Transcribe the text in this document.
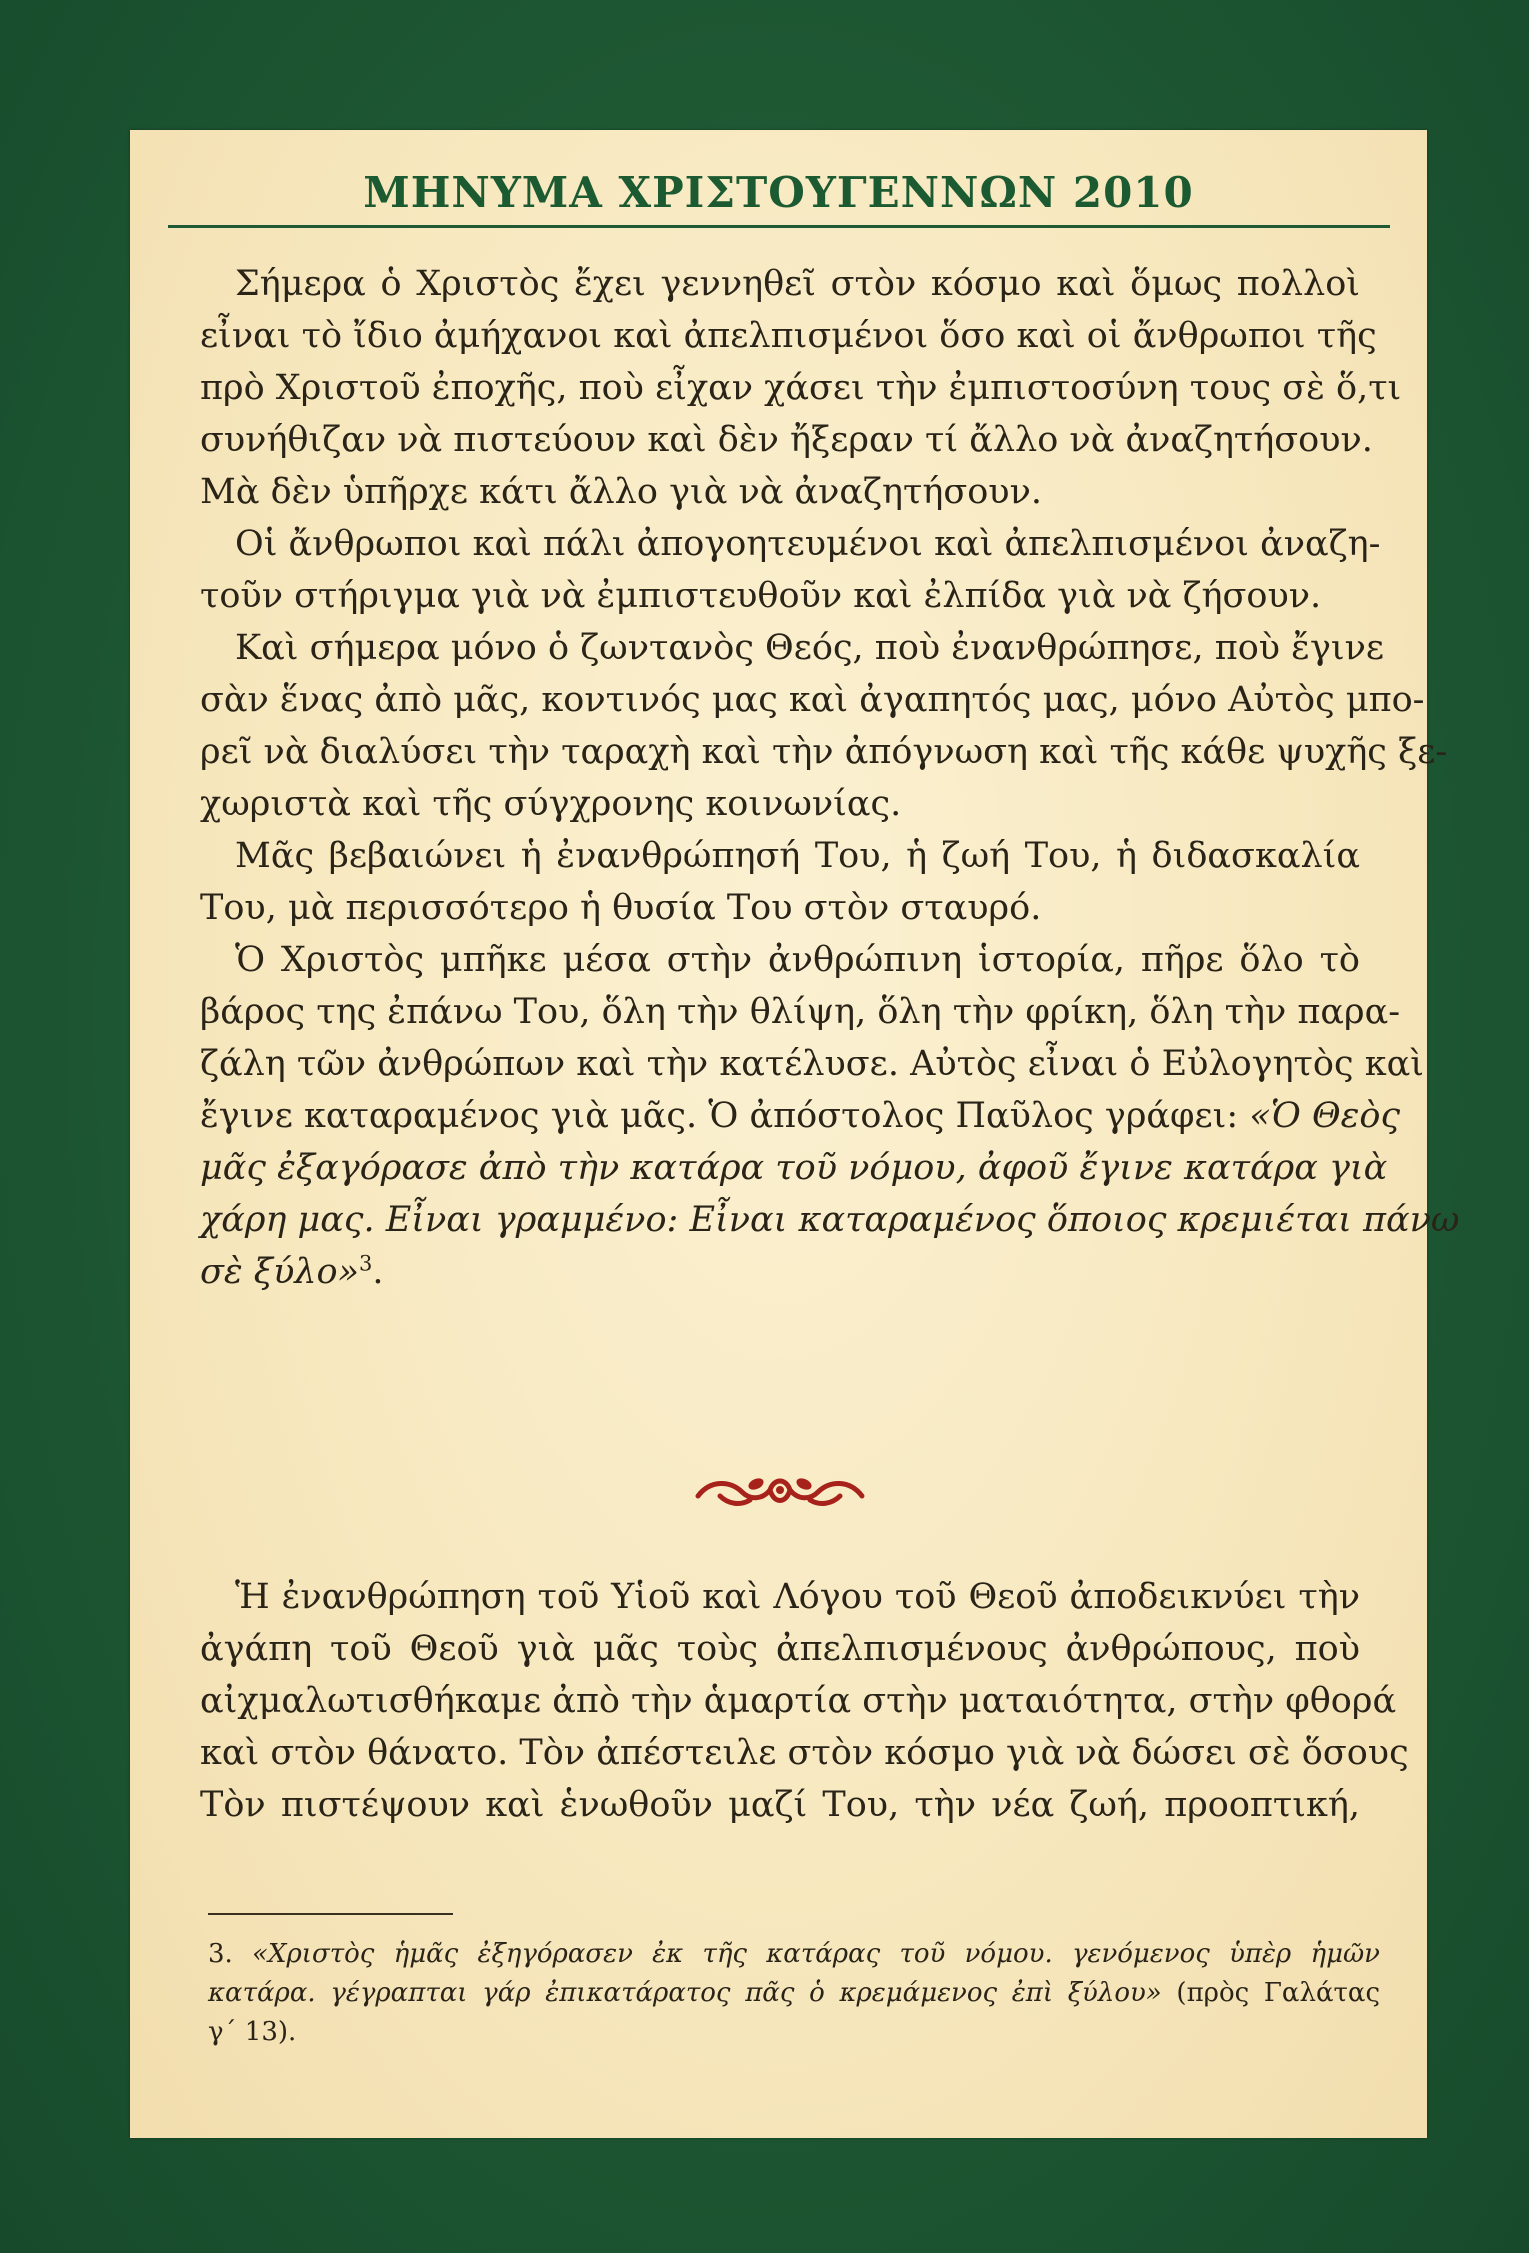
ΜΗΝΥΜΑ ΧΡΙΣΤΟΥΓΕΝΝΩΝ 2010

Σήμερα ὁ Χριστὸς ἔχει γεννηθεῖ στὸν κόσμο καὶ ὅμως πολλοὶ
εἶναι τὸ ἴδιο ἀμήχανοι καὶ ἀπελπισμένοι ὅσο καὶ οἱ ἄνθρωποι τῆς
πρὸ Χριστοῦ ἐποχῆς, ποὺ εἶχαν χάσει τὴν ἐμπιστοσύνη τους σὲ ὅ,τι
συνήθιζαν νὰ πιστεύουν καὶ δὲν ἤξεραν τί ἄλλο νὰ ἀναζητήσουν.
Μὰ δὲν ὑπῆρχε κάτι ἄλλο γιὰ νὰ ἀναζητήσουν.

Οἱ ἄνθρωποι καὶ πάλι ἀπογοητευμένοι καὶ ἀπελπισμένοι ἀναζη-
τοῦν στήριγμα γιὰ νὰ ἐμπιστευθοῦν καὶ ἐλπίδα γιὰ νὰ ζήσουν.

Καὶ σήμερα μόνο ὁ ζωντανὸς Θεός, ποὺ ἐνανθρώπησε, ποὺ ἔγινε
σὰν ἕνας ἀπὸ μᾶς, κοντινός μας καὶ ἀγαπητός μας, μόνο Αὐτὸς μπο-
ρεῖ νὰ διαλύσει τὴν ταραχὴ καὶ τὴν ἀπόγνωση καὶ τῆς κάθε ψυχῆς ξε-
χωριστὰ καὶ τῆς σύγχρονης κοινωνίας.

Μᾶς βεβαιώνει ἡ ἐνανθρώπησή Του, ἡ ζωή Του, ἡ διδασκαλία
Του, μὰ περισσότερο ἡ θυσία Του στὸν σταυρό.

Ὁ Χριστὸς μπῆκε μέσα στὴν ἀνθρώπινη ἱστορία, πῆρε ὅλο τὸ
βάρος της ἐπάνω Του, ὅλη τὴν θλίψη, ὅλη τὴν φρίκη, ὅλη τὴν παρα-
ζάλη τῶν ἀνθρώπων καὶ τὴν κατέλυσε. Αὐτὸς εἶναι ὁ Εὐλογητὸς καὶ
ἔγινε καταραμένος γιὰ μᾶς. Ὁ ἀπόστολος Παῦλος γράφει: «Ὁ Θεὸς
μᾶς ἐξαγόρασε ἀπὸ τὴν κατάρα τοῦ νόμου, ἀφοῦ ἔγινε κατάρα γιὰ
χάρη μας. Εἶναι γραμμένο: Εἶναι καταραμένος ὅποιος κρεμιέται πάνω
σὲ ξύλο»$^3$.

Ἡ ἐνανθρώπηση τοῦ Υἱοῦ καὶ Λόγου τοῦ Θεοῦ ἀποδεικνύει τὴν
ἀγάπη τοῦ Θεοῦ γιὰ μᾶς τοὺς ἀπελπισμένους ἀνθρώπους, ποὺ
αἰχμαλωτισθήκαμε ἀπὸ τὴν ἁμαρτία στὴν ματαιότητα, στὴν φθορά
καὶ στὸν θάνατο. Τὸν ἀπέστειλε στὸν κόσμο γιὰ νὰ δώσει σὲ ὅσους
Τὸν πιστέψουν καὶ ἑνωθοῦν μαζί Του, τὴν νέα ζωή, προοπτική,

3. «Χριστὸς ἡμᾶς ἐξηγόρασεν ἐκ τῆς κατάρας τοῦ νόμου. γενόμενος ὑπὲρ ἡμῶν
κατάρα. γέγραπται γάρ ἐπικατάρατος πᾶς ὁ κρεμάμενος ἐπὶ ξύλου» (πρὸς Γαλάτας
γ΄ 13).
